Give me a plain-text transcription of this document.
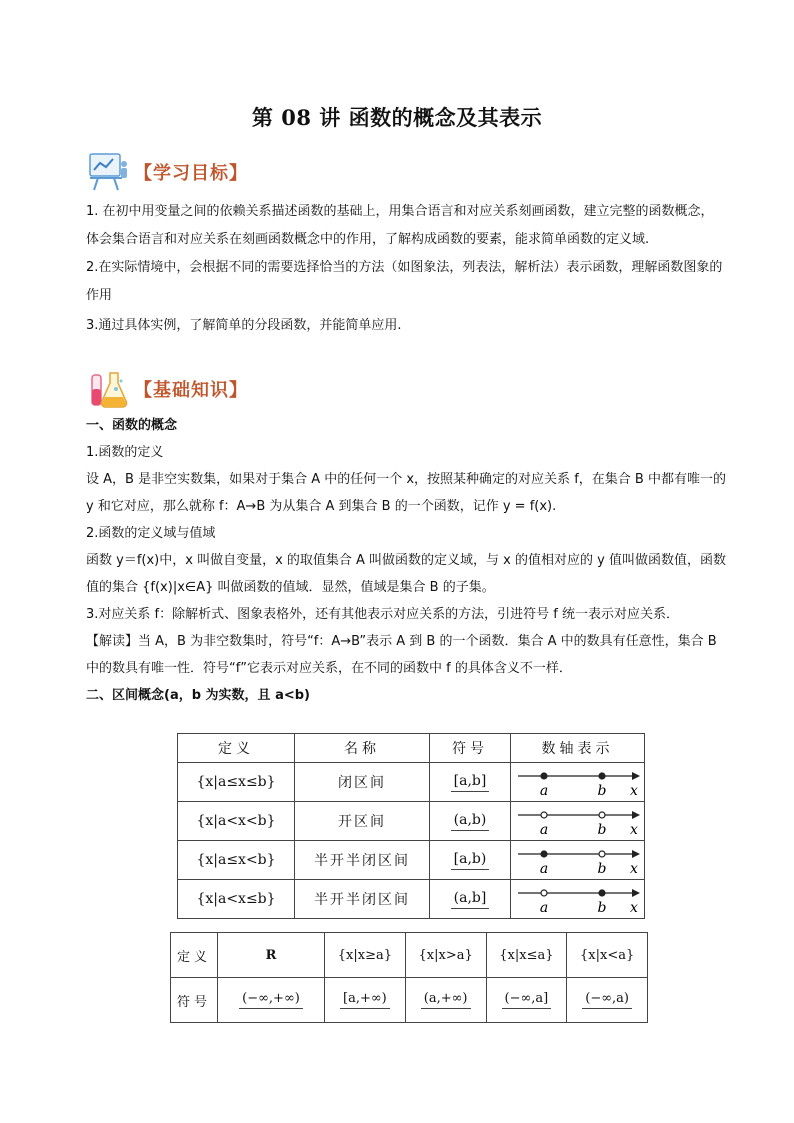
第 08 讲 函数的概念及其表示
【学习目标】

1. 在初中用变量之间的依赖关系描述函数的基础上，用集合语言和对应关系刻画函数，建立完整的函数概念，体会集合语言和对应关系在刻画函数概念中的作用，了解构成函数的要素，能求简单函数的定义域.

2.在实际情境中，会根据不同的需要选择恰当的方法（如图象法，列表法，解析法）表示函数，理解函数图象的作用

3.通过具体实例，了解简单的分段函数，并能简单应用.

【基础知识】

一、函数的概念

1.函数的定义

设 A，B 是非空实数集，如果对于集合 A 中的任何一个 x，按照某种确定的对应关系 f，在集合 B 中都有唯一的 y 和它对应，那么就称 f：A→B 为从集合 A 到集合 B 的一个函数，记作 y = f(x).

2.函数的定义域与值域

函数 y＝f(x)中，x 叫做自变量，x 的取值集合 A 叫做函数的定义域，与 x 的值相对应的 y 值叫做函数值，函数值的集合 {f(x)|x∈A} 叫做函数的值域．显然，值域是集合 B 的子集。

3.对应关系 f：除解析式、图象表格外，还有其他表示对应关系的方法，引进符号 f 统一表示对应关系．

【解读】当 A，B 为非空数集时，符号“f：A→B”表示 A 到 B 的一个函数．集合 A 中的数具有任意性，集合 B 中的数具有唯一性．符号“f”它表示对应关系，在不同的函数中 f 的具体含义不一样．

二、区间概念(a，b 为实数，且 a<b)

定义	名称	符号	数轴表示
{x|a≤x≤b}	闭区间	[a,b]	a b x

{x|a<x<b}	开区间	(a,b)	a b x

{x|a≤x<b}	半开半闭区间	[a,b)	a b x

{x|a<x≤b}	半开半闭区间	(a,b]	a b x
定义	R	{x|x≥a}	{x|x>a}	{x|x≤a}	{x|x<a}
符号	(−∞,+∞)	[a,+∞)	(a,+∞)	(−∞,a]	(−∞,a)
